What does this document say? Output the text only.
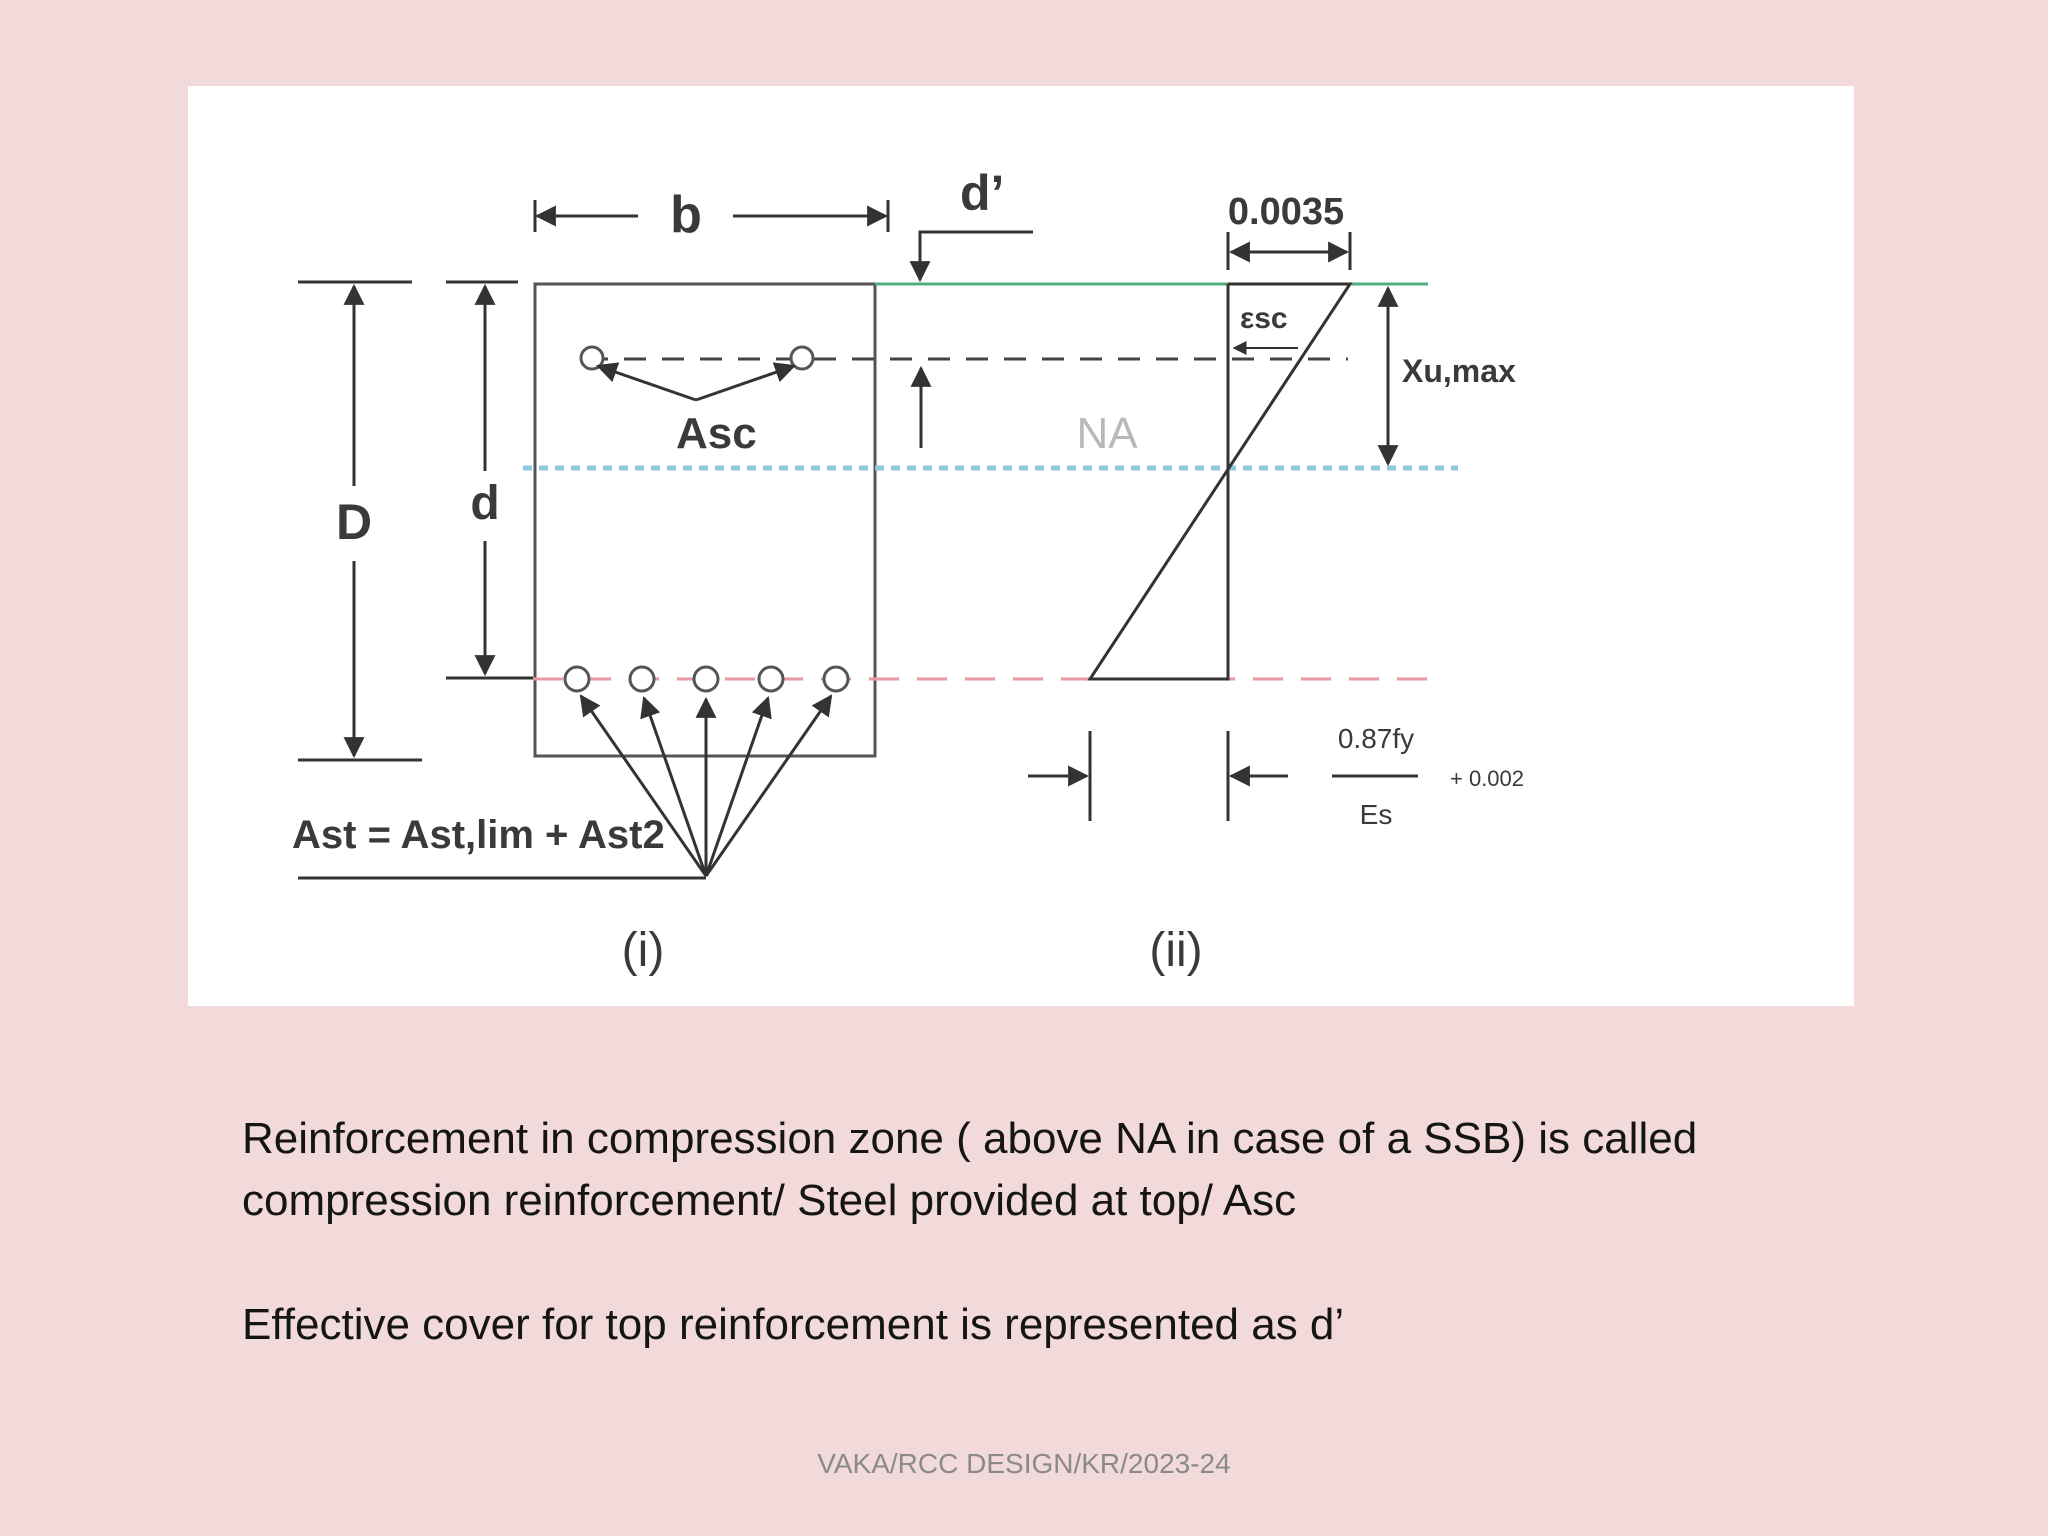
b	d’
D d
Asc	NA
Ast = Ast,lim + Ast2
εsc
0.0035
Xu,max
0.87fy
Es
+ 0.002
(i)	(ii)

Reinforcement in compression zone ( above NA in case of a SSB) is called

compression reinforcement/ Steel provided at top/ Asc

Effective cover for top reinforcement is represented as d’

VAKA/RCC DESIGN/KR/2023-24
